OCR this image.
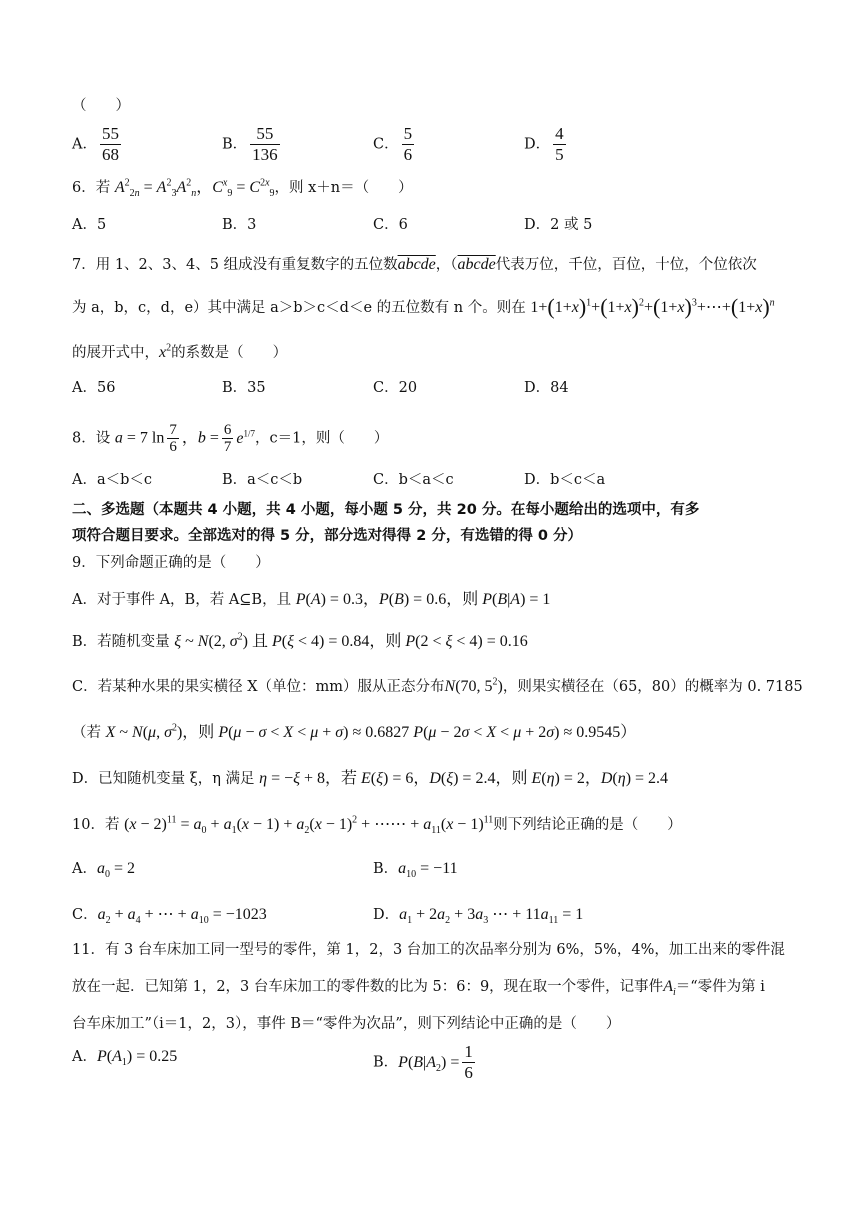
（　　）
A． $\frac{55}{68}$	B． $\frac{55}{136}$	C． $\frac{5}{6}$	D． $\frac{4}{5}$
6．若 $A^2_{2n} = A^2_3A^2_n$，$C^x_9 = C^{2x}_9$，则 x＋n＝（　　）
A．5	B．3	C．6	D．2 或 5
7．用 1、2、3、4、5 组成没有重复数字的五位数abcde，（abcde代表万位，千位，百位，十位，个位依次
为 a，b，c，d，e）其中满足 a＞b＞c＜d＜e 的五位数有 n 个。则在 $1+(1+x)^1+(1+x)^2+(1+x)^3+\cdots+(1+x)^n$
的展开式中，$x^2$的系数是（　　）
A．56	B．35	C．20	D．84
8．设 a = 7 $\ln \frac{7}{6}$ ，$b = \frac{6}{7} e^{1/7}$，c＝1，则（　　）
A．a＜b＜c	B．a＜c＜b	C．b＜a＜c	D．b＜c＜a
二、多选题（本题共 4 小题，共 4 小题，每小题 5 分，共 20 分。在每小题给出的选项中，有多
项符合题目要求。全部选对的得 5 分，部分选对得得 2 分，有选错的得 0 分）
9．下列命题正确的是（　　）
A．对于事件 A，B，若 A⊆B，且 P(A) = 0.3，P(B) = 0.6，则 P(B|A) = 1
B．若随机变量 ξ ~ N(2, $\sigma^2$) 且 P(ξ < 4) = 0.84，则 P(2 < ξ < 4) = 0.16
C．若某种水果的果实横径 X（单位：mm）服从正态分布N(70, $5^2$)，则果实横径在（65，80）的概率为 0. 7185
（若 X ~ N(μ, $\sigma^2$)，则 P(μ − σ < X < μ + σ) ≈ 0.6827 P(μ − 2σ < X < μ + 2σ) ≈ 0.9545）
D．已知随机变量 ξ，η 满足 η = −ξ + 8，若 E(ξ) = 6，D(ξ) = 2.4，则 E(η) = 2，D(η) = 2.4
10．若 $(x - 2)^{11} = a_0 + a_1(x - 1) + a_2(x - 1)^2$ + ⋯⋯ + $a_{11}(x - 1)^{11}$则下列结论正确的是（　　）
A．$a_0 = 2$	B．$a_{10} = -11$
C．$a_2 + a_4$ + ⋯ + $a_{10} = -1023$	D．$a_1 + 2a_2 + 3a_3$ ⋯ + $11a_{11} = 1$
11．有 3 台车床加工同一型号的零件，第 1，2，3 台加工的次品率分别为 6%，5%，4%，加工出来的零件混
放在一起．已知第 1，2，3 台车床加工的零件数的比为 5：6：9，现在取一个零件，记事件$A_i=“$零件为第 i
台车床加工”（i＝1，2，3），事件 B＝“零件为次品”，则下列结论中正确的是（　　）
A．$P(A_1) = 0.25$	B．$P(B|A_2) = \frac{1}{6}$
